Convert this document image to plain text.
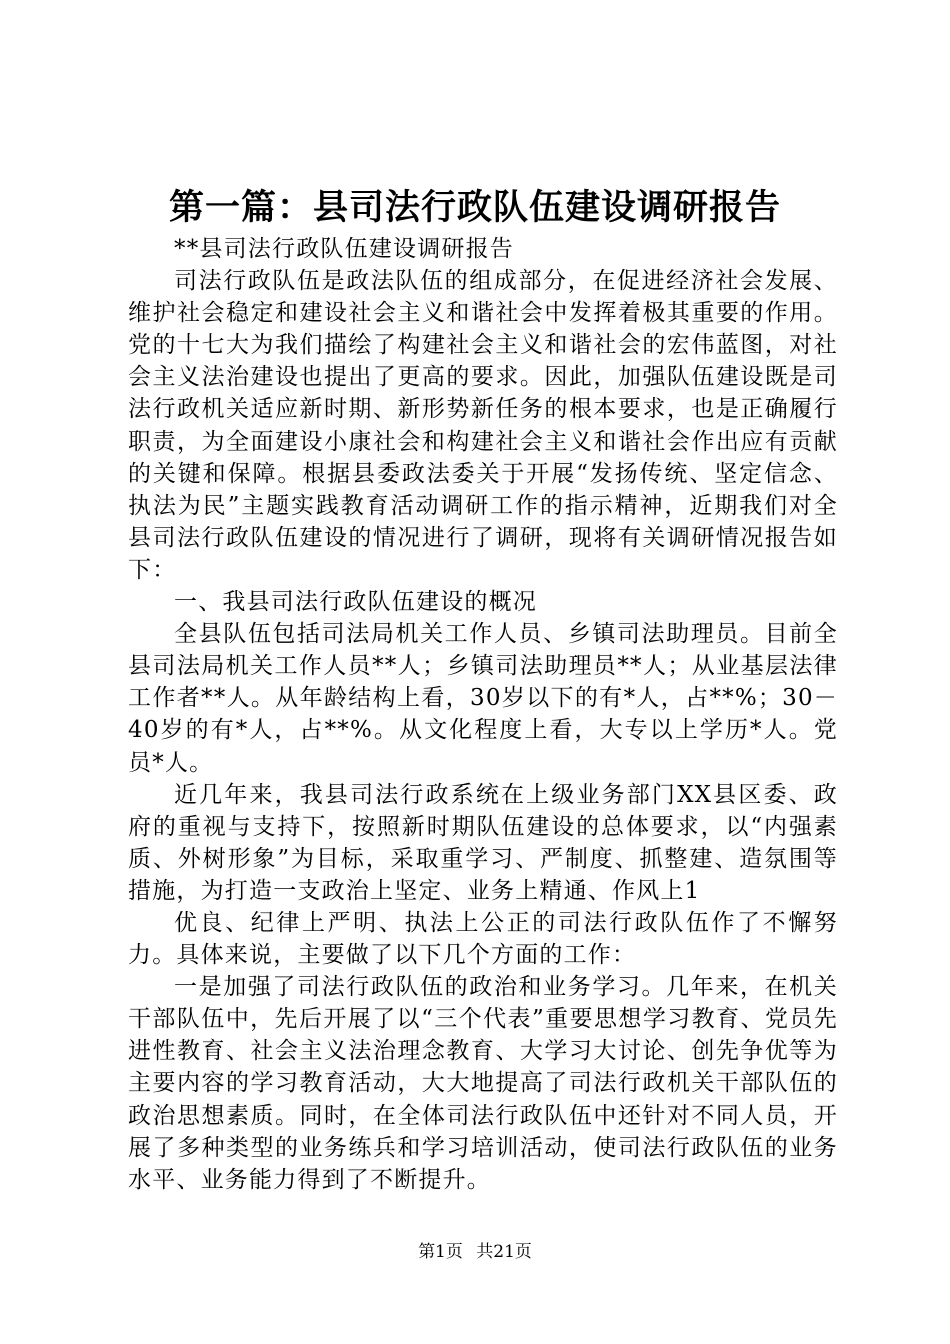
第一篇：县司法行政队伍建设调研报告

**县司法行政队伍建设调研报告

司法行政队伍是政法队伍的组成部分，在促进经济社会发展、维护社会稳定和建设社会主义和谐社会中发挥着极其重要的作用。党的十七大为我们描绘了构建社会主义和谐社会的宏伟蓝图，对社会主义法治建设也提出了更高的要求。因此，加强队伍建设既是司法行政机关适应新时期、新形势新任务的根本要求，也是正确履行职责，为全面建设小康社会和构建社会主义和谐社会作出应有贡献的关键和保障。根据县委政法委关于开展“发扬传统、坚定信念、执法为民”主题实践教育活动调研工作的指示精神，近期我们对全县司法行政队伍建设的情况进行了调研，现将有关调研情况报告如下：

一、我县司法行政队伍建设的概况

全县队伍包括司法局机关工作人员、乡镇司法助理员。目前全县司法局机关工作人员**人；乡镇司法助理员**人；从业基层法律工作者**人。从年龄结构上看，30岁以下的有*人，占**%；30－40岁的有*人，占**%。从文化程度上看，大专以上学历*人。党员*人。

近几年来，我县司法行政系统在上级业务部门XX县区委、政府的重视与支持下，按照新时期队伍建设的总体要求，以“内强素质、外树形象”为目标，采取重学习、严制度、抓整建、造氛围等措施，为打造一支政治上坚定、业务上精通、作风上1

优良、纪律上严明、执法上公正的司法行政队伍作了不懈努力。具体来说，主要做了以下几个方面的工作：

一是加强了司法行政队伍的政治和业务学习。几年来，在机关干部队伍中，先后开展了以“三个代表”重要思想学习教育、党员先进性教育、社会主义法治理念教育、大学习大讨论、创先争优等为主要内容的学习教育活动，大大地提高了司法行政机关干部队伍的政治思想素质。同时，在全体司法行政队伍中还针对不同人员，开展了多种类型的业务练兵和学习培训活动，使司法行政队伍的业务水平、业务能力得到了不断提升。

第1页 共21页
